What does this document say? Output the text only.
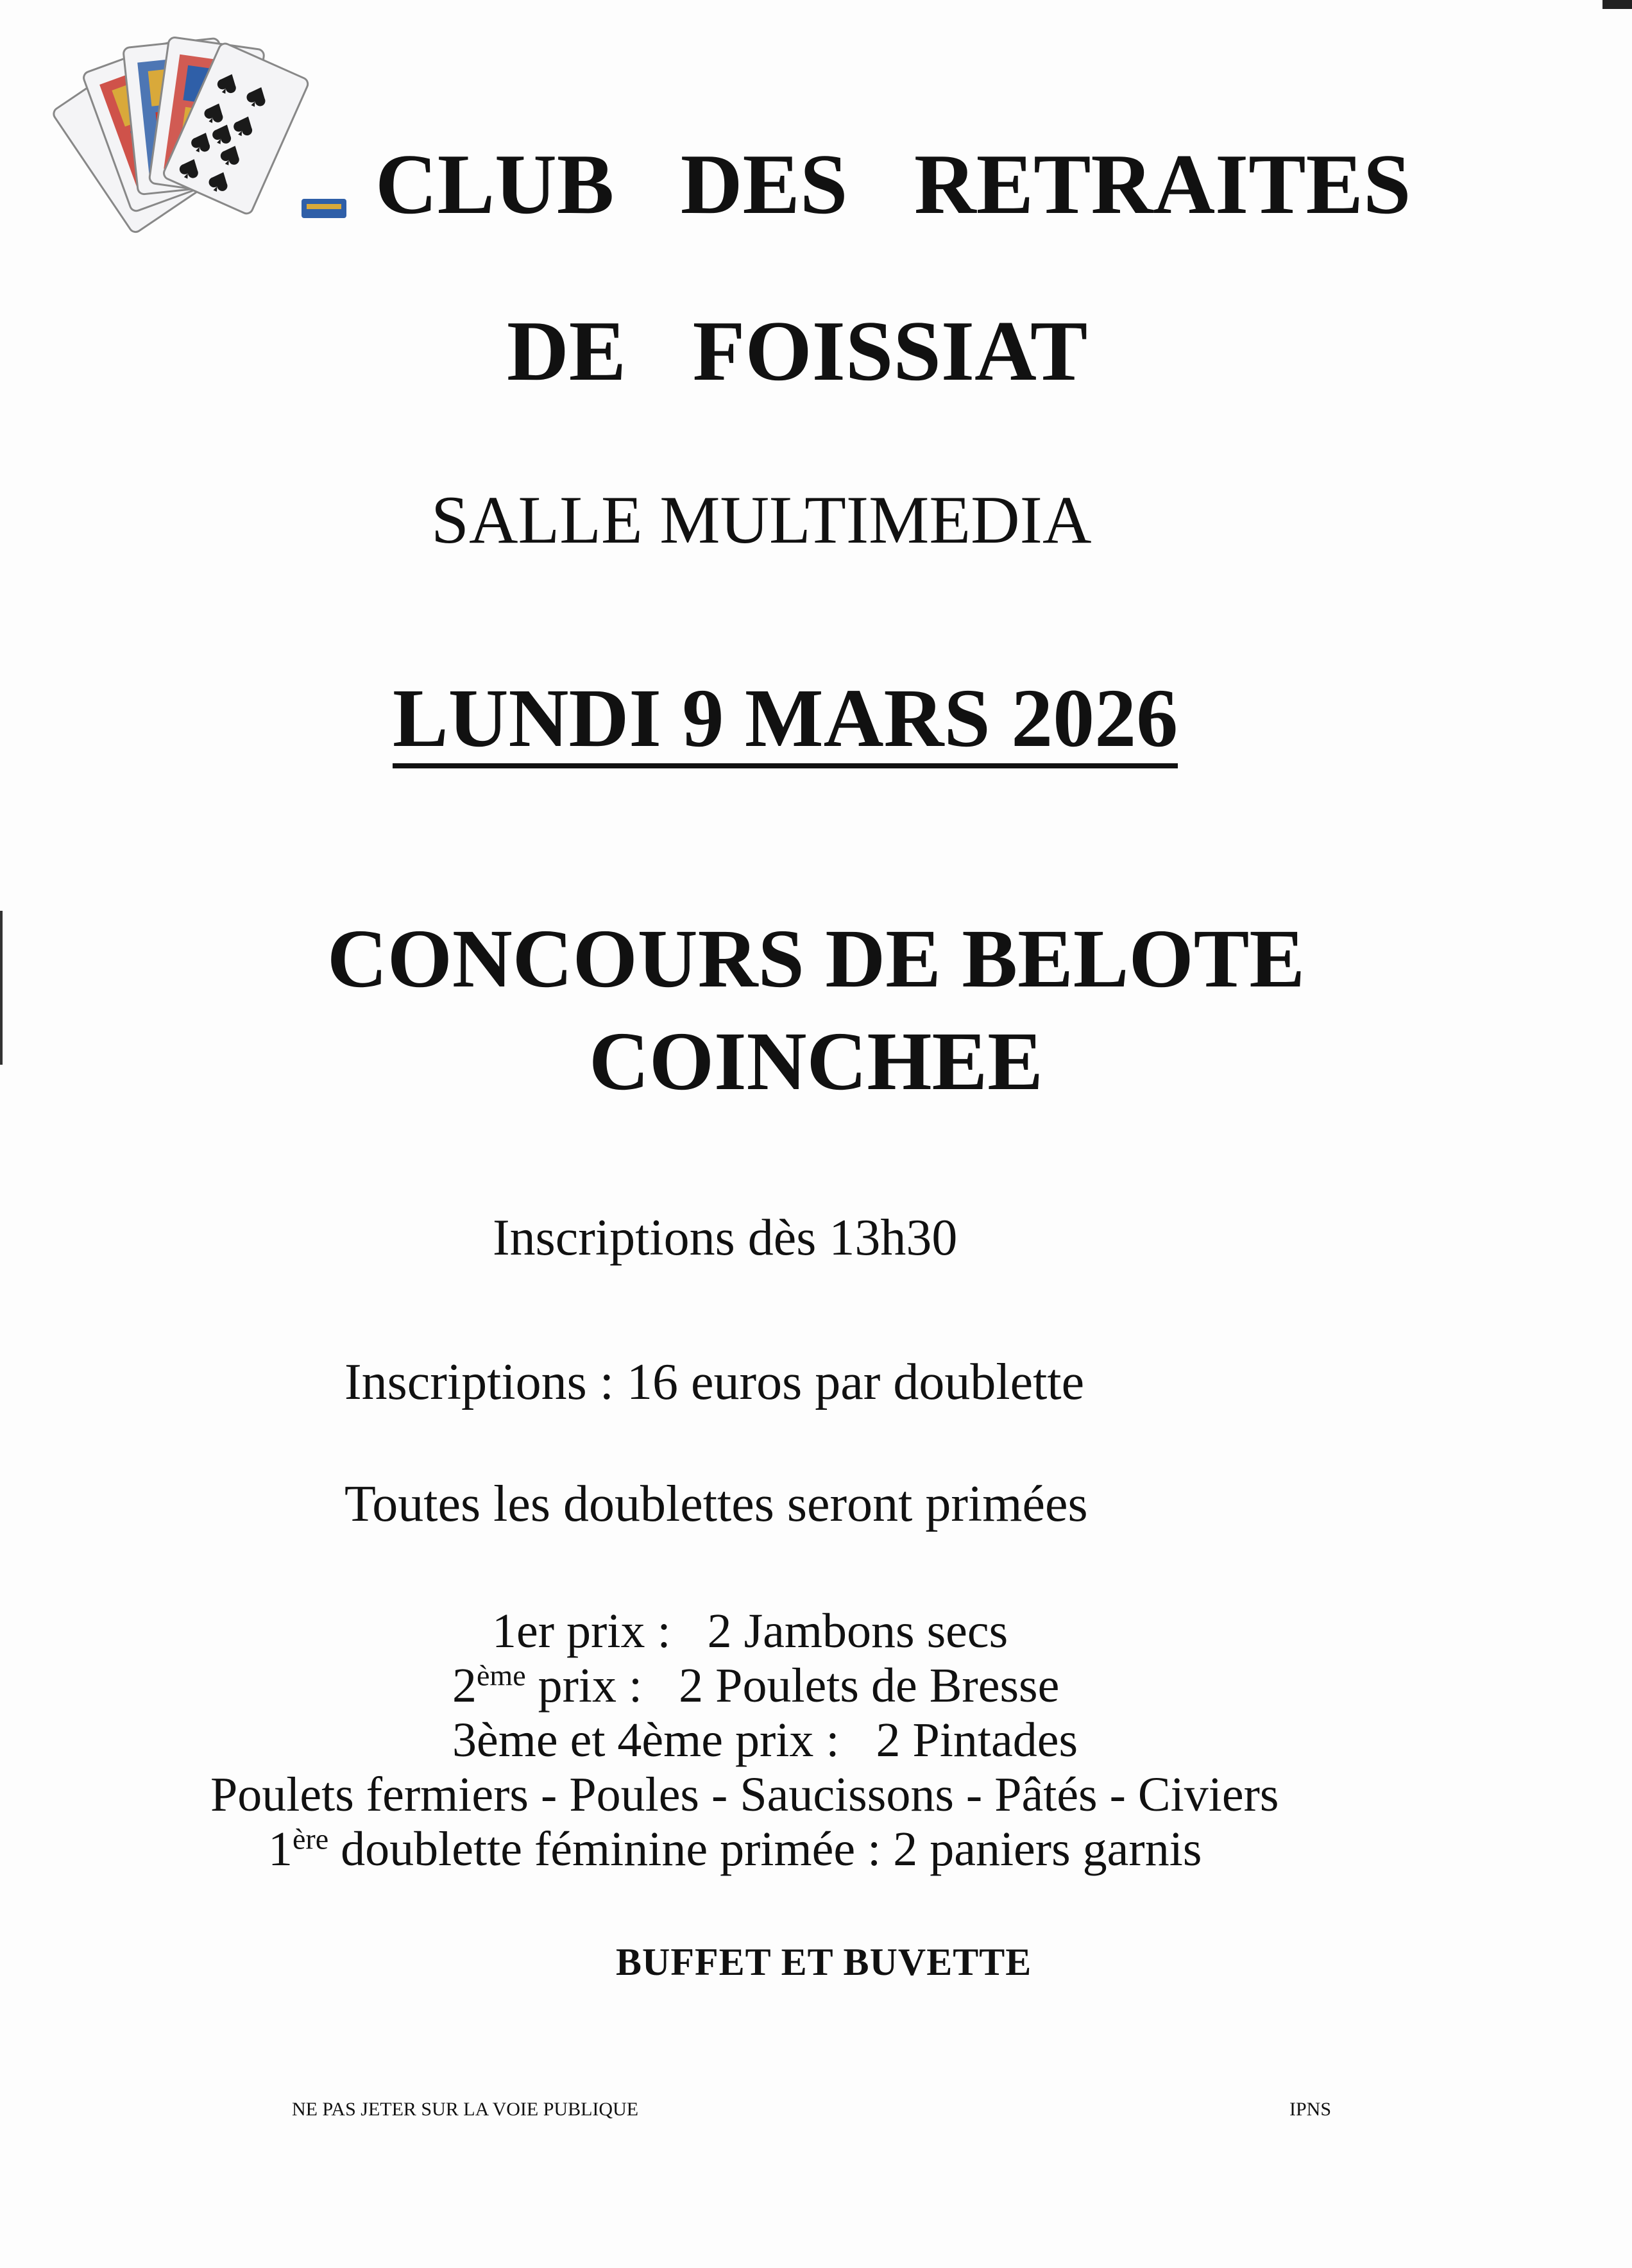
CLUB DES RETRAITES
DE FOISSIAT
SALLE MULTIMEDIA
LUNDI 9 MARS 2026
CONCOURS DE BELOTE
COINCHEE
Inscriptions dès 13h30
Inscriptions : 16 euros par doublette
Toutes les doublettes seront primées
1er prix : 2 Jambons secs
2ème prix : 2 Poulets de Bresse
3ème et 4ème prix : 2 Pintades
Poulets fermiers - Poules - Saucissons - Pâtés - Civiers
1ère doublette féminine primée : 2 paniers garnis
BUFFET ET BUVETTE
NE PAS JETER SUR LA VOIE PUBLIQUE	IPNS
